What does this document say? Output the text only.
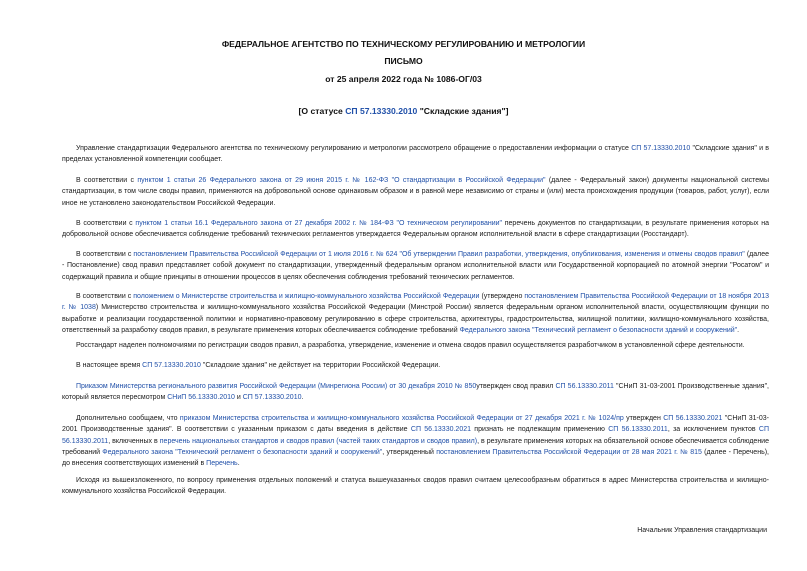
ФЕДЕРАЛЬНОЕ АГЕНТСТВО ПО ТЕХНИЧЕСКОМУ РЕГУЛИРОВАНИЮ И МЕТРОЛОГИИ
ПИСЬМО
от 25 апреля 2022 года № 1086-ОГ/03
[О статусе СП 57.13330.2010 "Складские здания"]

Управление стандартизации Федерального агентства по техническому регулированию и метрологии рассмотрело обращение о предоставлении информации о статусе СП 57.13330.2010 "Складские здания" и в пределах установленной компетенции сообщает.

В соответствии с пунктом 1 статьи 26 Федерального закона от 29 июня 2015 г. № 162-ФЗ "О стандартизации в Российской Федерации" (далее - Федеральный закон) документы национальной системы стандартизации, в том числе своды правил, применяются на добровольной основе одинаковым образом и в равной мере независимо от страны и (или) места происхождения продукции (товаров, работ, услуг), если иное не установлено законодательством Российской Федерации.

В соответствии с пунктом 1 статьи 16.1 Федерального закона от 27 декабря 2002 г. № 184-ФЗ "О техническом регулировании" перечень документов по стандартизации, в результате применения которых на добровольной основе обеспечивается соблюдение требований технических регламентов утверждается Федеральным органом исполнительной власти в сфере стандартизации (Росстандарт).

В соответствии с постановлением Правительства Российской Федерации от 1 июля 2016 г. № 624 "Об утверждении Правил разработки, утверждения, опубликования, изменения и отмены сводов правил" (далее - Постановление) свод правил представляет собой документ по стандартизации, утвержденный федеральным органом исполнительной власти или Государственной корпорацией по атомной энергии "Росатом" и содержащий правила и общие принципы в отношении процессов в целях обеспечения соблюдения требований технических регламентов.

В соответствии с положением о Министерстве строительства и жилищно-коммунального хозяйства Российской Федерации (утверждено постановлением Правительства Российской Федерации от 18 ноября 2013 г. № 1038) Министерство строительства и жилищно-коммунального хозяйства Российской Федерации (Минстрой России) является федеральным органом исполнительной власти, осуществляющим функции по выработке и реализации государственной политики и нормативно-правовому регулированию в сфере строительства, архитектуры, градостроительства, жилищной политики, жилищно-коммунального хозяйства, ответственный за разработку сводов правил, в результате применения которых обеспечивается соблюдение требований Федерального закона "Технический регламент о безопасности зданий и сооружений".

Росстандарт наделен полномочиями по регистрации сводов правил, а разработка, утверждение, изменение и отмена сводов правил осуществляется разработчиком в установленной сфере деятельности.

В настоящее время СП 57.13330.2010 "Складские здания" не действует на территории Российской Федерации.

Приказом Министерства регионального развития Российской Федерации (Минрегиона России) от 30 декабря 2010 № 850утвержден свод правил СП 56.13330.2011 "СНиП 31-03-2001 Производственные здания", который является пересмотром СНиП 56.13330.2010 и СП 57.13330.2010.

Дополнительно сообщаем, что приказом Министерства строительства и жилищно-коммунального хозяйства Российской Федерации от 27 декабря 2021 г. № 1024/пр утвержден СП 56.13330.2021 "СНиП 31-03-2001 Производственные здания". В соответствии с указанным приказом с даты введения в действие СП 56.13330.2021 признать не подлежащим применению СП 56.13330.2011, за исключением пунктов СП 56.13330.2011, включенных в перечень национальных стандартов и сводов правил (частей таких стандартов и сводов правил), в результате применения которых на обязательной основе обеспечивается соблюдение требований Федерального закона "Технический регламент о безопасности зданий и сооружений", утвержденный постановлением Правительства Российской Федерации от 28 мая 2021 г. № 815 (далее - Перечень), до внесения соответствующих изменений в Перечень.

Исходя из вышеизложенного, по вопросу применения отдельных положений и статуса вышеуказанных сводов правил считаем целесообразным обратиться в адрес Министерства строительства и жилищно-коммунального хозяйства Российской Федерации.

Начальник Управления стандартизации
